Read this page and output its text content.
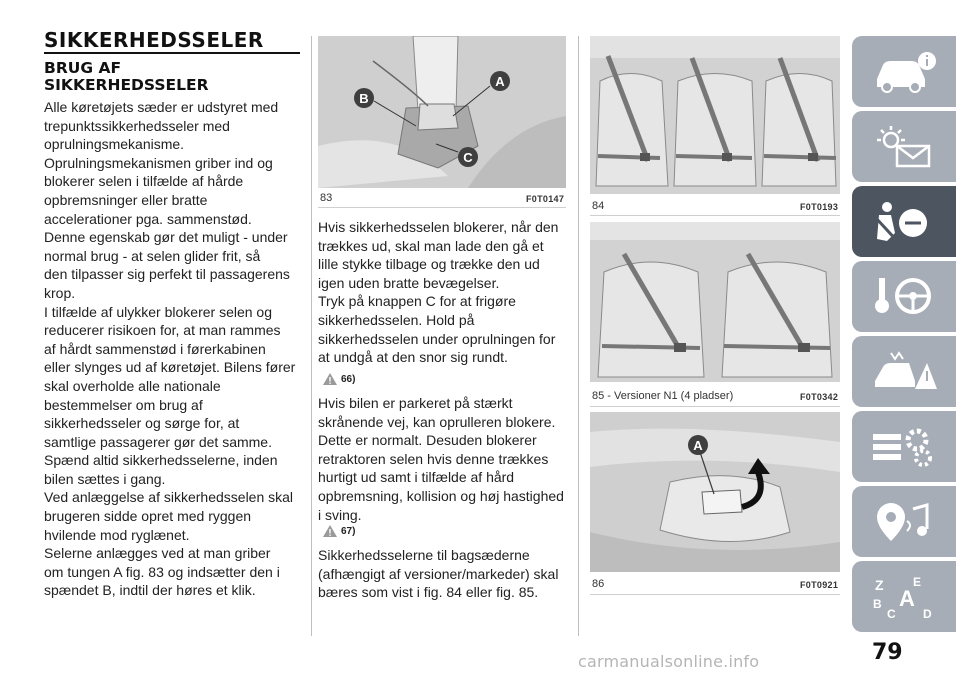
SIKKERHEDSSELER
BRUG AF
SIKKERHEDSSELER

Alle køretøjets sæder er udstyret med
trepunktssikkerhedsseler med
oprulningsmekanisme.
Oprulningsmekanismen griber ind og
blokerer selen i tilfælde af hårde
opbremsninger eller bratte
accelerationer pga. sammenstød.
Denne egenskab gør det muligt - under
normal brug - at selen glider frit, så
den tilpasser sig perfekt til passagerens
krop.
I tilfælde af ulykker blokerer selen og
reducerer risikoen for, at man rammes
af hårdt sammenstød i førerkabinen
eller slynges ud af køretøjet. Bilens fører
skal overholde alle nationale
bestemmelser om brug af
sikkerhedsseler og sørge for, at
samtlige passagerer gør det samme.
Spænd altid sikkerhedsselerne, inden
bilen sættes i gang.
Ved anlæggelse af sikkerhedsselen skal
brugeren sidde opret med ryggen
hvilende mod ryglænet.
Selerne anlægges ved at man griber
om tungen A fig. 83 og indsætter den i
spændet B, indtil der høres et klik.

A
B
C
83	F0T0147

Hvis sikkerhedsselen blokerer, når den
trækkes ud, skal man lade den gå et
lille stykke tilbage og trække den ud
igen uden bratte bevægelser.
Tryk på knappen C for at frigøre
sikkerhedsselen. Hold på
sikkerhedsselen under oprulningen for
at undgå at den snor sig rundt.

66)

Hvis bilen er parkeret på stærkt
skrånende vej, kan oprulleren blokere.
Dette er normalt. Desuden blokerer
retraktoren selen hvis denne trækkes
hurtigt ud samt i tilfælde af hård
opbremsning, kollision og høj hastighed
i sving.

67)

Sikkerhedsselerne til bagsæderne
(afhængigt af versioner/markeder) skal
bæres som vist i fig. 84 eller fig. 85.

84	F0T0193
85 - Versioner N1 (4 pladser)	F0T0342
A
86	F0T0921	Z E
B A
C D
79
carmanualsonline.info
